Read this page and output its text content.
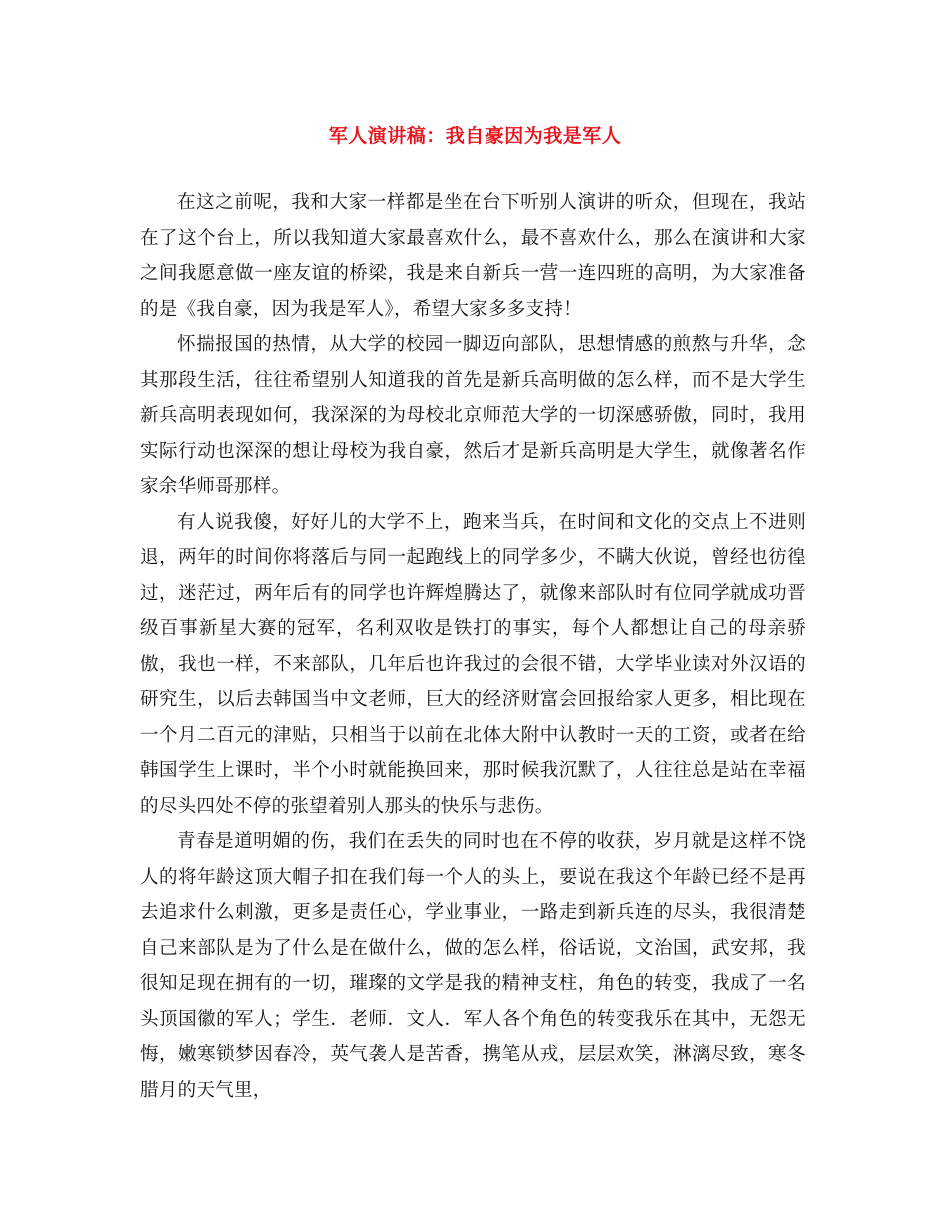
军人演讲稿：我自豪因为我是军人

在这之前呢，我和大家一样都是坐在台下听别人演讲的听众，但现在，我站在了这个台上，所以我知道大家最喜欢什么，最不喜欢什么，那么在演讲和大家之间我愿意做一座友谊的桥梁，我是来自新兵一营一连四班的高明，为大家准备的是《我自豪，因为我是军人》，希望大家多多支持！

怀揣报国的热情，从大学的校园一脚迈向部队，思想情感的煎熬与升华，念其那段生活，往往希望别人知道我的首先是新兵高明做的怎么样，而不是大学生新兵高明表现如何，我深深的为母校北京师范大学的一切深感骄傲，同时，我用实际行动也深深的想让母校为我自豪，然后才是新兵高明是大学生，就像著名作家余华师哥那样。

有人说我傻，好好儿的大学不上，跑来当兵，在时间和文化的交点上不进则退，两年的时间你将落后与同一起跑线上的同学多少，不瞒大伙说，曾经也彷徨过，迷茫过，两年后有的同学也许辉煌腾达了，就像来部队时有位同学就成功晋级百事新星大赛的冠军，名利双收是铁打的事实，每个人都想让自己的母亲骄傲，我也一样，不来部队，几年后也许我过的会很不错，大学毕业读对外汉语的研究生，以后去韩国当中文老师，巨大的经济财富会回报给家人更多，相比现在一个月二百元的津贴，只相当于以前在北体大附中认教时一天的工资，或者在给韩国学生上课时，半个小时就能换回来，那时候我沉默了，人往往总是站在幸福的尽头四处不停的张望着别人那头的快乐与悲伤。

青春是道明媚的伤，我们在丢失的同时也在不停的收获，岁月就是这样不饶人的将年龄这顶大帽子扣在我们每一个人的头上，要说在我这个年龄已经不是再去追求什么刺激，更多是责任心，学业事业，一路走到新兵连的尽头，我很清楚自己来部队是为了什么是在做什么，做的怎么样，俗话说，文治国，武安邦，我很知足现在拥有的一切，璀璨的文学是我的精神支柱，角色的转变，我成了一名头顶国徽的军人；学生．老师．文人．军人各个角色的转变我乐在其中，无怨无悔，嫩寒锁梦因春冷，英气袭人是苦香，携笔从戎，层层欢笑，淋漓尽致，寒冬腊月的天气里，
